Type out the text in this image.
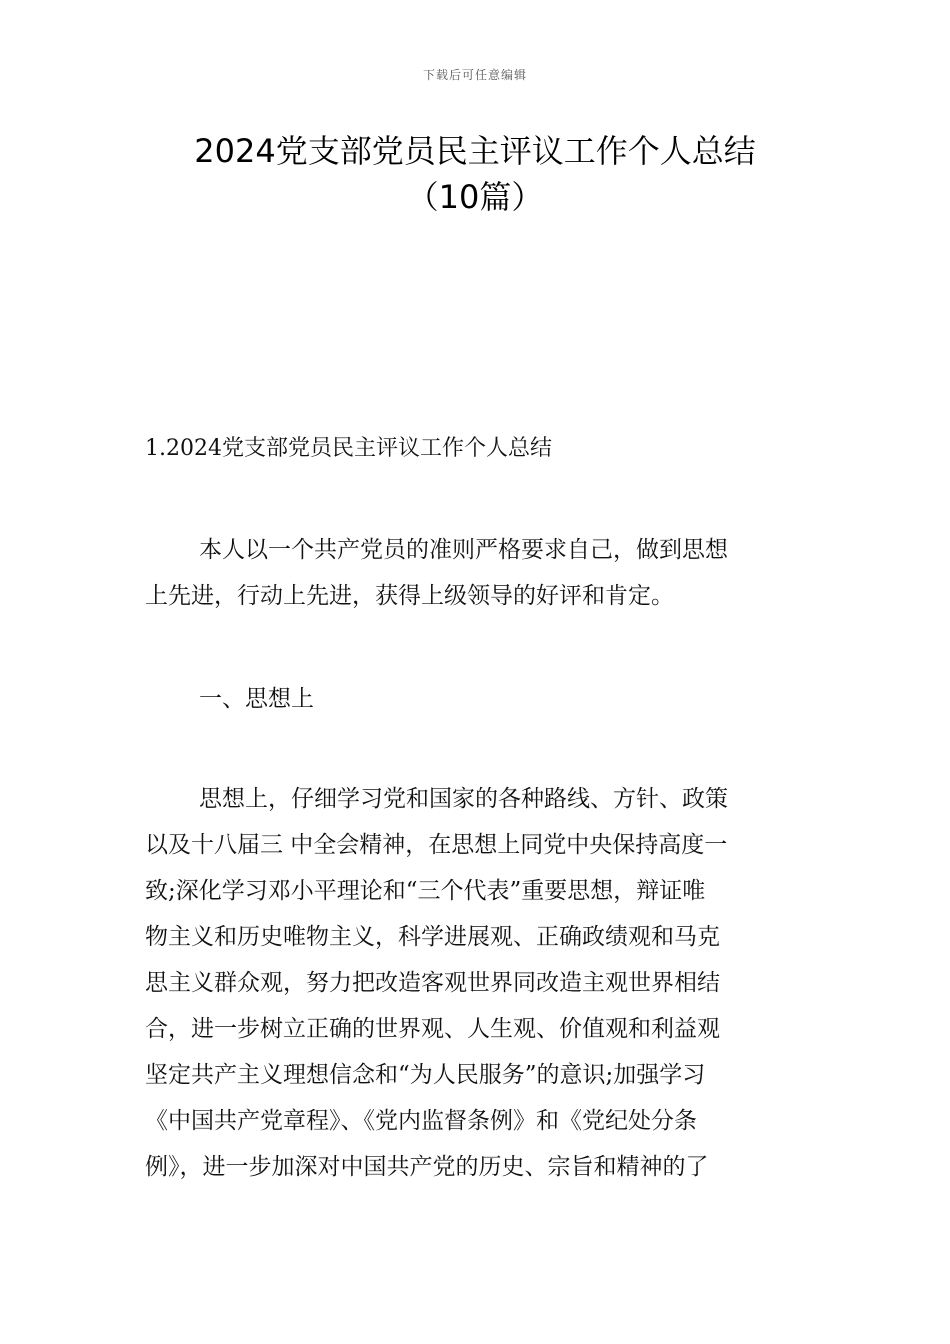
下载后可任意编辑
2024党支部党员民主评议工作个人总结
（10篇）
1.2024党支部党员民主评议工作个人总结
本人以一个共产党员的准则严格要求自己，做到思想
上先进，行动上先进，获得上级领导的好评和肯定。
一、思想上
思想上，仔细学习党和国家的各种路线、方针、政策
以及十八届三 中全会精神，在思想上同党中央保持高度一
致;深化学习邓小平理论和“三个代表”重要思想，辩证唯
物主义和历史唯物主义，科学进展观、正确政绩观和马克
思主义群众观，努力把改造客观世界同改造主观世界相结
合，进一步树立正确的世界观、人生观、价值观和利益观
坚定共产主义理想信念和“为人民服务”的意识;加强学习
《中国共产党章程》、《党内监督条例》和《党纪处分条
例》，进一步加深对中国共产党的历史、宗旨和精神的了
